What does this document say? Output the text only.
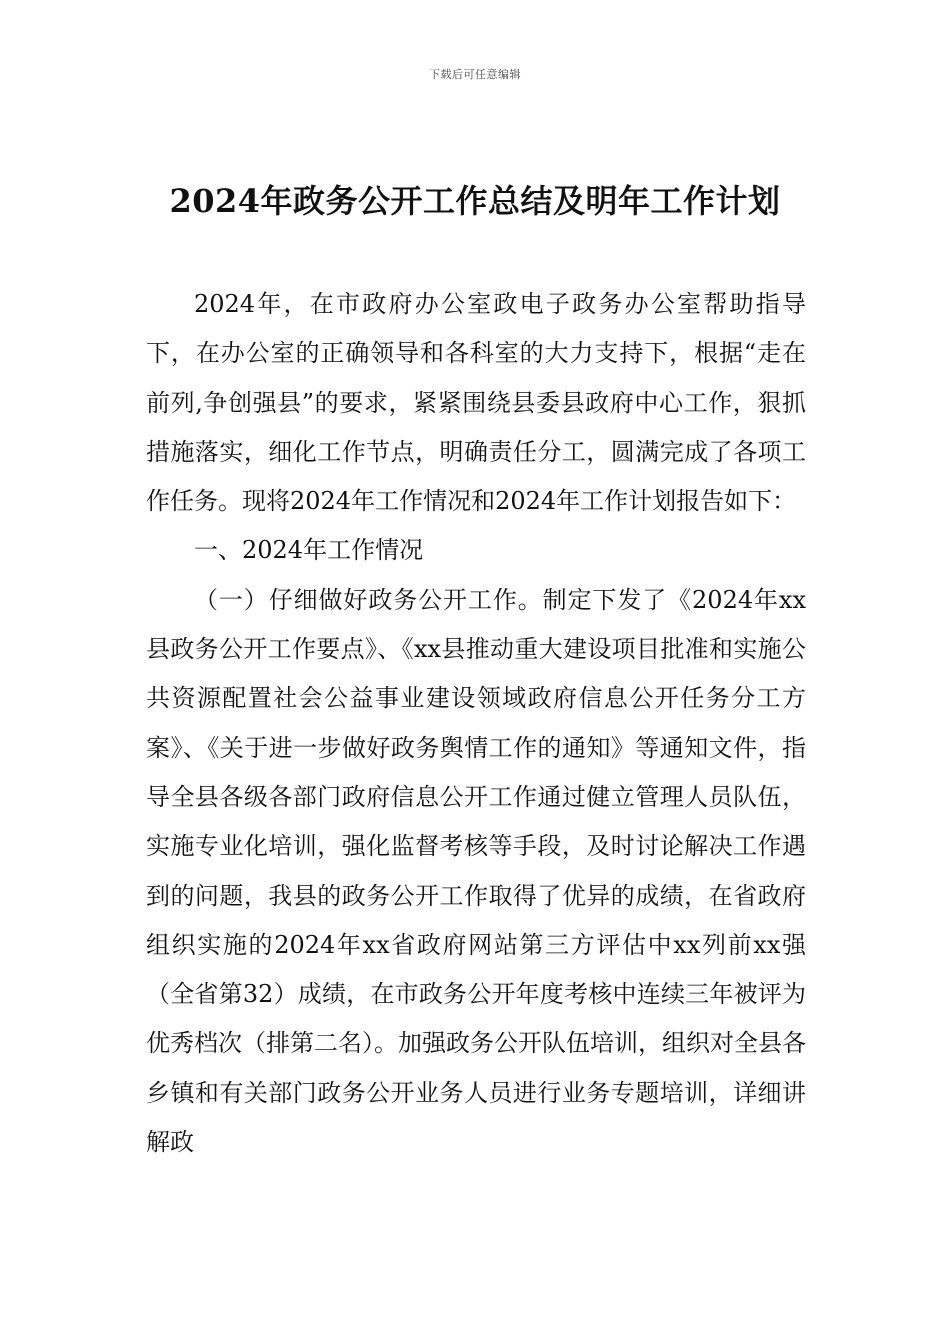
下载后可任意编辑
2024年政务公开工作总结及明年工作计划

2024年，在市政府办公室政电子政务办公室帮助指导下，在办公室的正确领导和各科室的大力支持下，根据“走在前列,争创强县”的要求，紧紧围绕县委县政府中心工作，狠抓措施落实，细化工作节点，明确责任分工，圆满完成了各项工作任务。现将2024年工作情况和2024年工作计划报告如下：

一、2024年工作情况

（一）仔细做好政务公开工作。制定下发了《2024年xx县政务公开工作要点》、《xx县推动重大建设项目批准和实施公共资源配置社会公益事业建设领域政府信息公开任务分工方案》、《关于进一步做好政务舆情工作的通知》等通知文件，指导全县各级各部门政府信息公开工作通过健立管理人员队伍，实施专业化培训，强化监督考核等手段，及时讨论解决工作遇到的问题，我县的政务公开工作取得了优异的成绩，在省政府组织实施的2024年xx省政府网站第三方评估中xx列前xx强（全省第32）成绩，在市政务公开年度考核中连续三年被评为优秀档次（排第二名）。加强政务公开队伍培训，组织对全县各乡镇和有关部门政务公开业务人员进行业务专题培训，详细讲解政
